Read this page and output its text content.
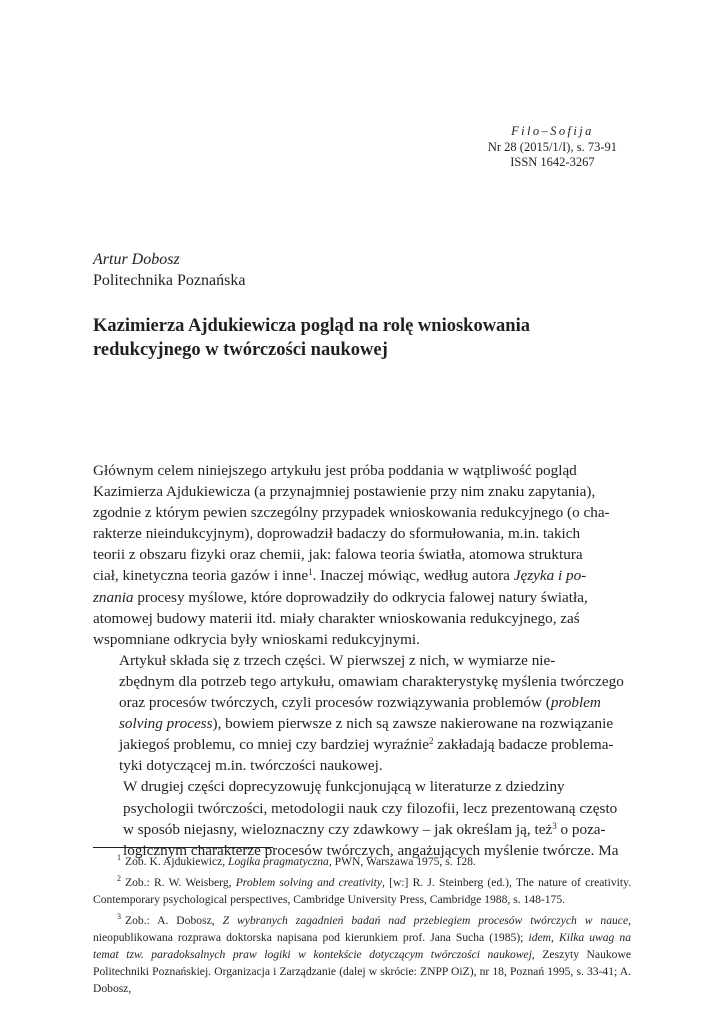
Filo–Sofija
Nr 28 (2015/1/I), s. 73-91
ISSN 1642-3267
Artur Dobosz
Politechnika Poznańska
Kazimierza Ajdukiewicza pogląd na rolę wnioskowania
redukcyjnego w twórczości naukowej

Głównym celem niniejszego artykułu jest próba poddania w wątpliwość pogląd
Kazimierza Ajdukiewicza (a przynajmniej postawienie przy nim znaku zapytania),
zgodnie z którym pewien szczególny przypadek wnioskowania redukcyjnego (o cha-
rakterze nieindukcyjnym), doprowadził badaczy do sformułowania, m.in. takich
teorii z obszaru fizyki oraz chemii, jak: falowa teoria światła, atomowa struktura
ciał, kinetyczna teoria gazów i inne$^1$. Inaczej mówiąc, według autora Języka i po-
znania procesy myślowe, które doprowadziły do odkrycia falowej natury światła,
atomowej budowy materii itd. miały charakter wnioskowania redukcyjnego, zaś
wspomniane odkrycia były wnioskami redukcyjnymi.

Artykuł składa się z trzech części. W pierwszej z nich, w wymiarze nie-
zbędnym dla potrzeb tego artykułu, omawiam charakterystykę myślenia twórczego
oraz procesów twórczych, czyli procesów rozwiązywania problemów (problem
solving process), bowiem pierwsze z nich są zawsze nakierowane na rozwiązanie
jakiegoś problemu, co mniej czy bardziej wyraźnie$^2$ zakładają badacze problema-
tyki dotyczącej m.in. twórczości naukowej.

W drugiej części doprecyzowuję funkcjonującą w literaturze z dziedziny
psychologii twórczości, metodologii nauk czy filozofii, lecz prezentowaną często
w sposób niejasny, wieloznaczny czy zdawkowy – jak określam ją, też$^3$ o poza-
logicznym charakterze procesów twórczych, angażujących myślenie twórcze. Ma

$^1$ Zob. K. Ajdukiewicz, Logika pragmatyczna, PWN, Warszawa 1975, s. 128.

$^2$ Zob.: R. W. Weisberg, Problem solving and creativity, [w:] R. J. Steinberg (ed.), The nature of creativity. Contemporary psychological perspectives, Cambridge University Press, Cambridge 1988, s. 148-175.

$^3$ Zob.: A. Dobosz, Z wybranych zagadnień badań nad przebiegiem procesów twórczych w nauce, nieopublikowana rozprawa doktorska napisana pod kierunkiem prof. Jana Sucha (1985); idem, Kilka uwag na temat tzw. paradoksalnych praw logiki w kontekście dotyczącym twórczości naukowej, Zeszyty Naukowe Politechniki Poznańskiej. Organizacja i Zarządzanie (dalej w skrócie: ZNPP OiZ), nr 18, Poznań 1995, s. 33-41; A. Dobosz,
